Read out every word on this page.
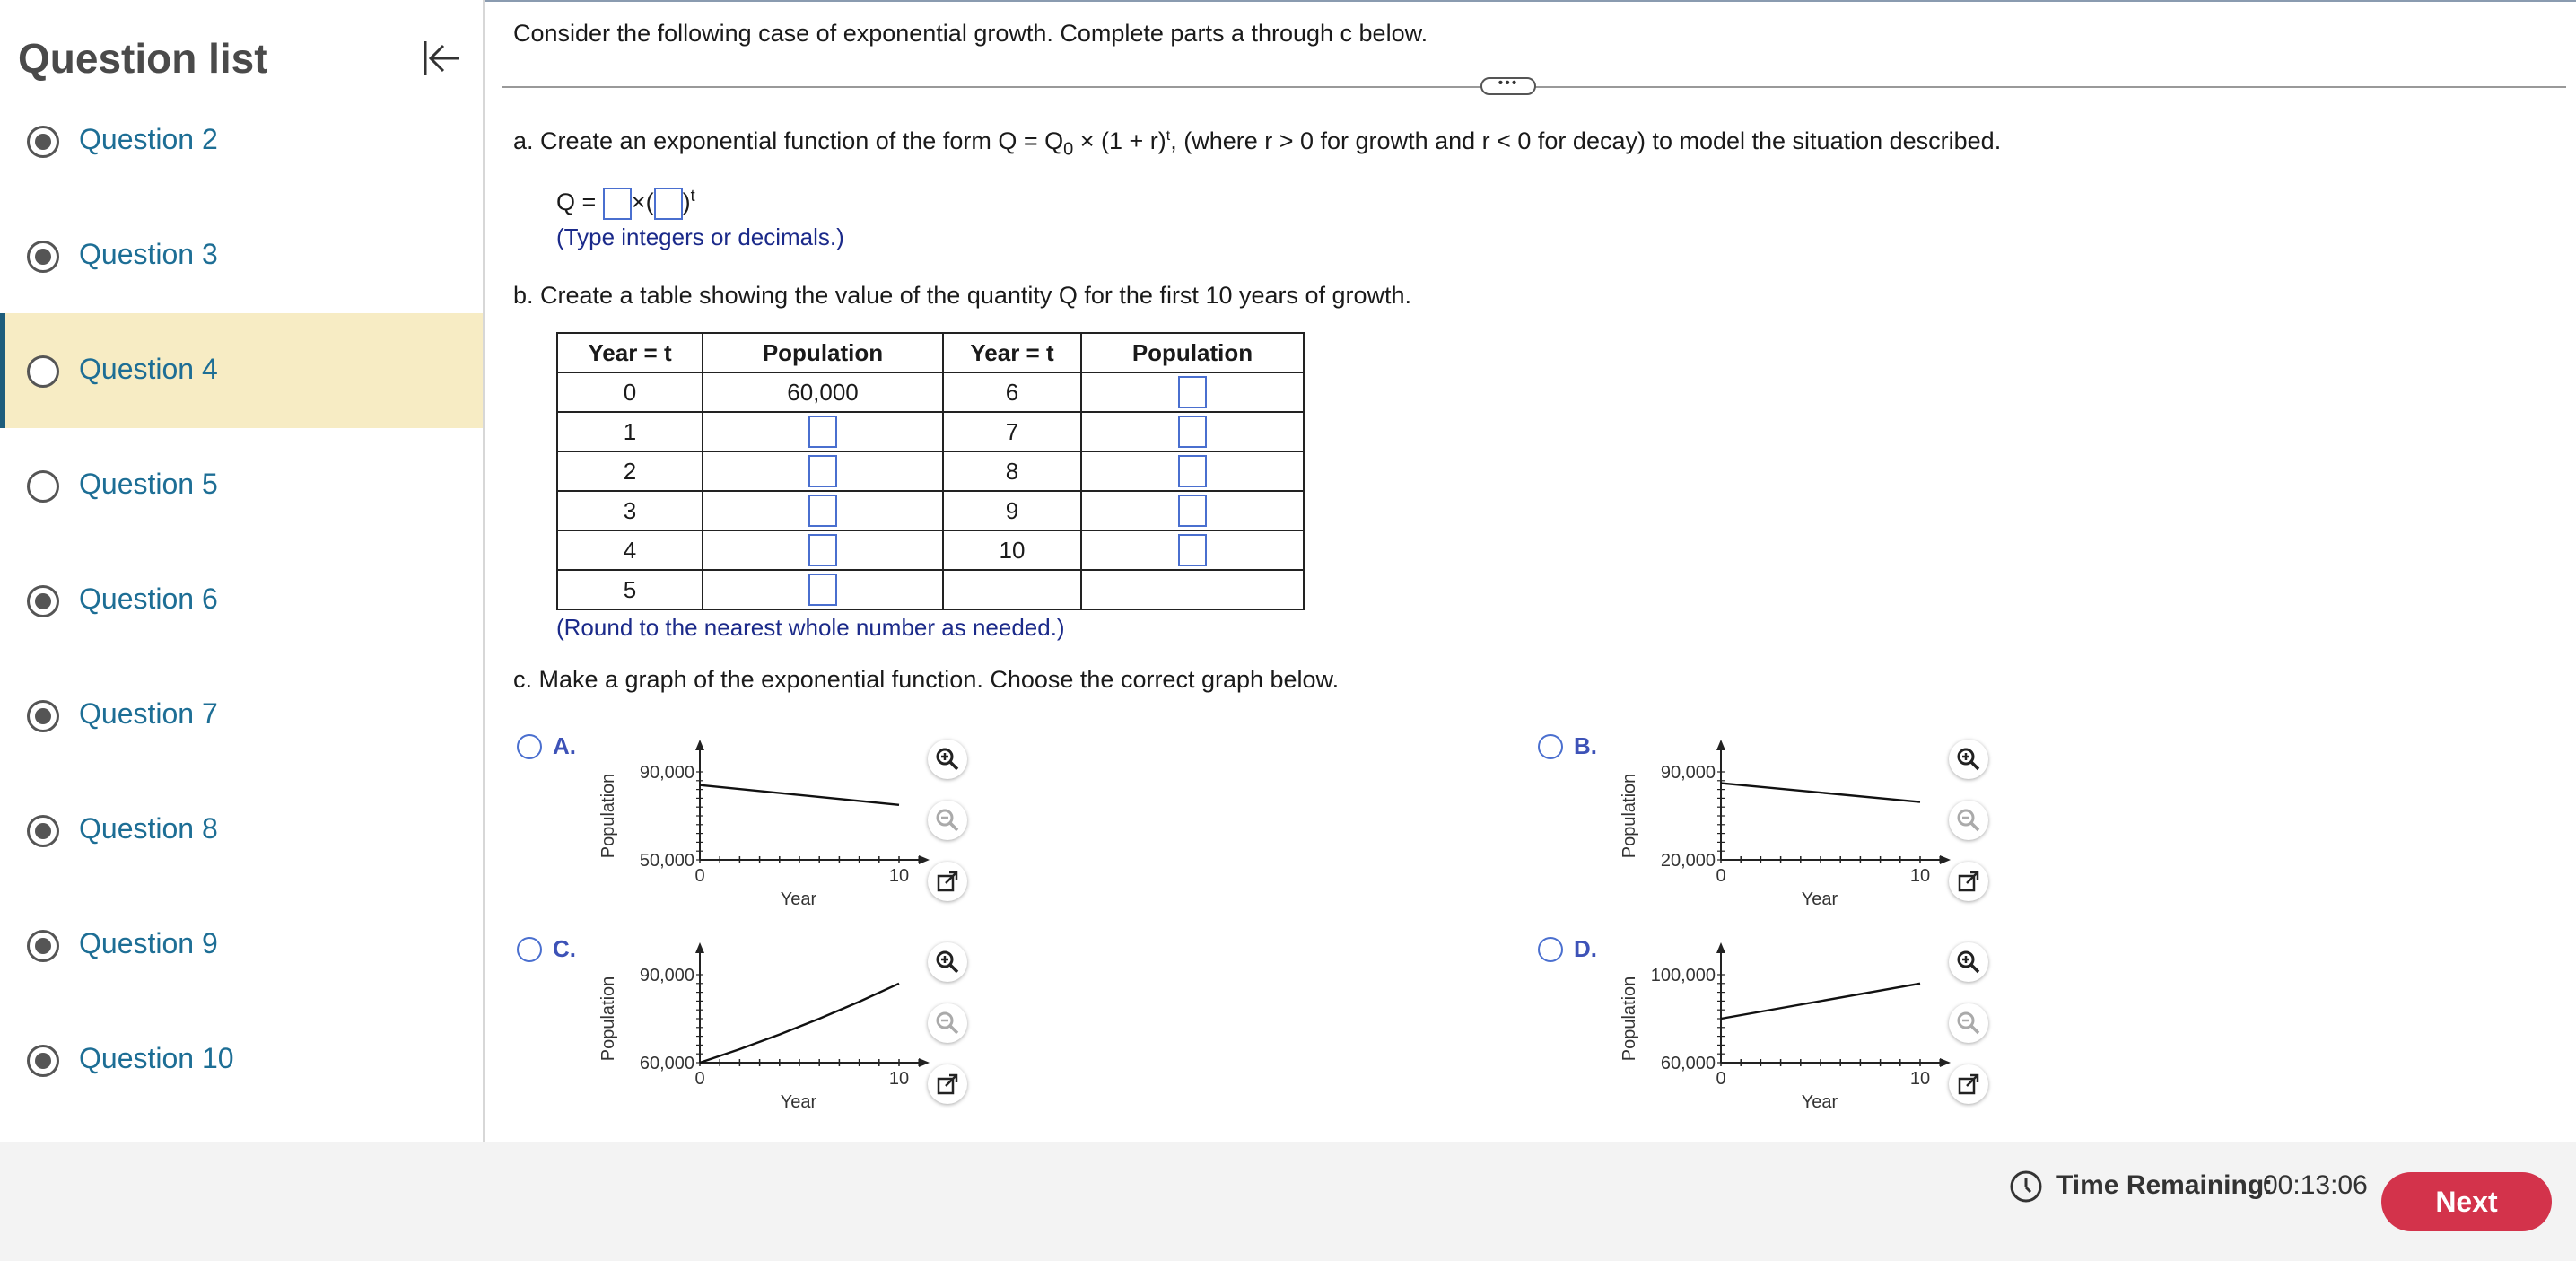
Question list
Question 2
Question 3
Question 4
Question 5
Question 6
Question 7
Question 8
Question 9
Question 10
Consider the following case of exponential growth. Complete parts a through c below.
•••
a. Create an exponential function of the form $Q = Q_0 \times (1 + r)^t$, (where r > 0 for growth and r < 0 for decay) to model the situation described.
Q = ×( )$^t$
(Type integers or decimals.)
b. Create a table showing the value of the quantity Q for the first 10 years of growth.
Year = t	Population	Year = t	Population
0	60,000	6	
1		7	
2		8	
3		9	
4		10	
5			
(Round to the nearest whole number as needed.)
c. Make a graph of the exponential function. Choose the correct graph below.
A.	B.
C.	D.
90,000
50,000
0	10
Year
Population
90,000
20,000
0	10
Year
Population
90,000
60,000
0	10
Year
Population
100,000
60,000
0	10
Year
Population
Time Remaining:
00:13:06
Next
